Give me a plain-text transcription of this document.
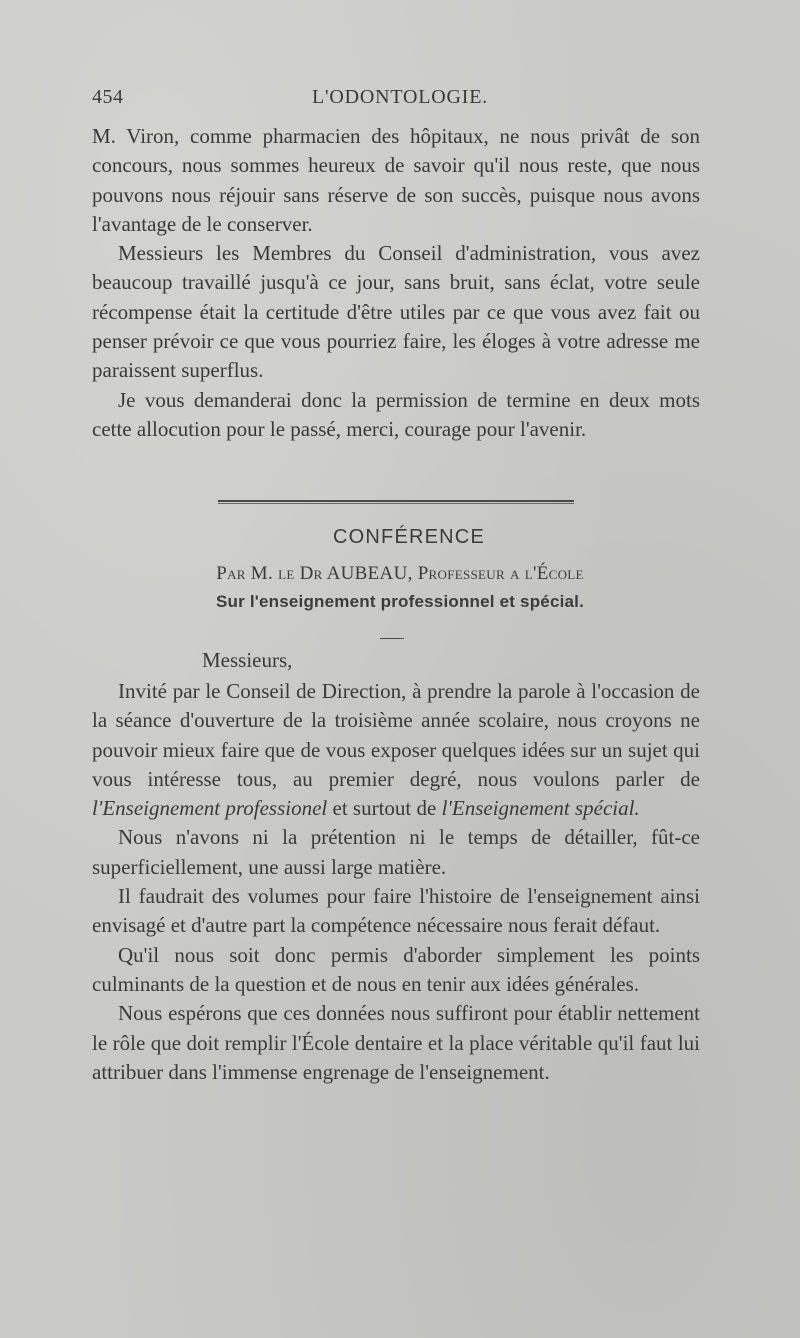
454	L'ODONTOLOGIE.

M. Viron, comme pharmacien des hôpitaux, ne nous privât de son concours, nous sommes heureux de savoir qu'il nous reste, que nous pouvons nous réjouir sans réserve de son succès, puisque nous avons l'avantage de le conserver.

Messieurs les Membres du Conseil d'administration, vous avez beaucoup travaillé jusqu'à ce jour, sans bruit, sans éclat, votre seule récompense était la certitude d'être utiles par ce que vous avez fait ou penser prévoir ce que vous pourriez faire, les éloges à votre adresse me paraissent superflus.

Je vous demanderai donc la permission de termine en deux mots cette allocution pour le passé, merci, courage pour l'avenir.

CONFÉRENCE
Par M. le Dr AUBEAU, Professeur a l'École
Sur l'enseignement professionnel et spécial.
Messieurs,

Invité par le Conseil de Direction, à prendre la parole à l'occasion de la séance d'ouverture de la troisième année scolaire, nous croyons ne pouvoir mieux faire que de vous exposer quelques idées sur un sujet qui vous intéresse tous, au premier degré, nous voulons parler de l'Enseignement professionel et surtout de l'Enseignement spécial.

Nous n'avons ni la prétention ni le temps de détailler, fût-ce superficiellement, une aussi large matière.

Il faudrait des volumes pour faire l'histoire de l'enseignement ainsi envisagé et d'autre part la compétence nécessaire nous ferait défaut.

Qu'il nous soit donc permis d'aborder simplement les points culminants de la question et de nous en tenir aux idées générales.

Nous espérons que ces données nous suffiront pour établir nettement le rôle que doit remplir l'École dentaire et la place véritable qu'il faut lui attribuer dans l'immense engrenage de l'enseignement.
